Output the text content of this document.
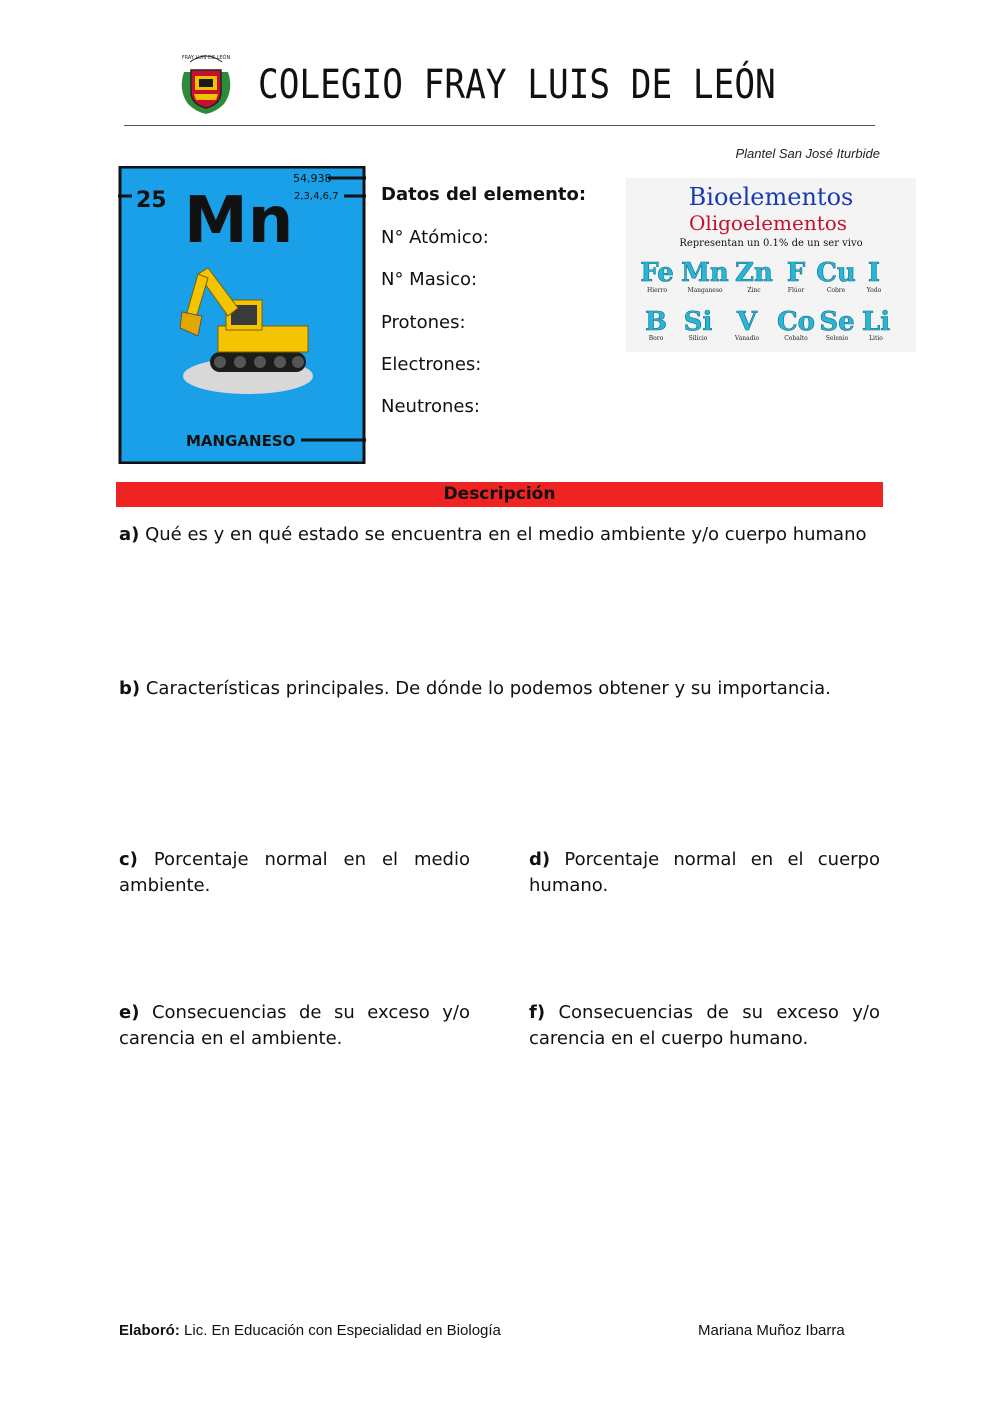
FRAY LUIS DE LEÓN
COLEGIO FRAY LUIS DE LEÓN
Plantel San José Iturbide
25 Mn
54,938
2,3,4,6,7
MANGANESO
Datos del elemento:
N° Atómico:
N° Masico:
Protones:
Electrones:
Neutrones:
Bioelementos
Oligoelementos
Representan un 0.1% de un ser vivo
Fe Mn Zn F Cu I
B Si V Co Se Li
Hierro	Manganeso	Zinc	Flúor	Cobre	Yodo
Boro	Silicio	Vanadio	Cobalto	Selenio	Litio
Descripción
a) Qué es y en qué estado se encuentra en el medio ambiente y/o cuerpo humano
b) Características principales. De dónde lo podemos obtener y su importancia.
c) Porcentaje normal en el medio ambiente.
d) Porcentaje normal en el cuerpo humano.
e) Consecuencias de su exceso y/o carencia en el ambiente.
f) Consecuencias de su exceso y/o carencia en el cuerpo humano.
Elaboró: Lic. En Educación con Especialidad en Biología	Mariana Muñoz Ibarra
